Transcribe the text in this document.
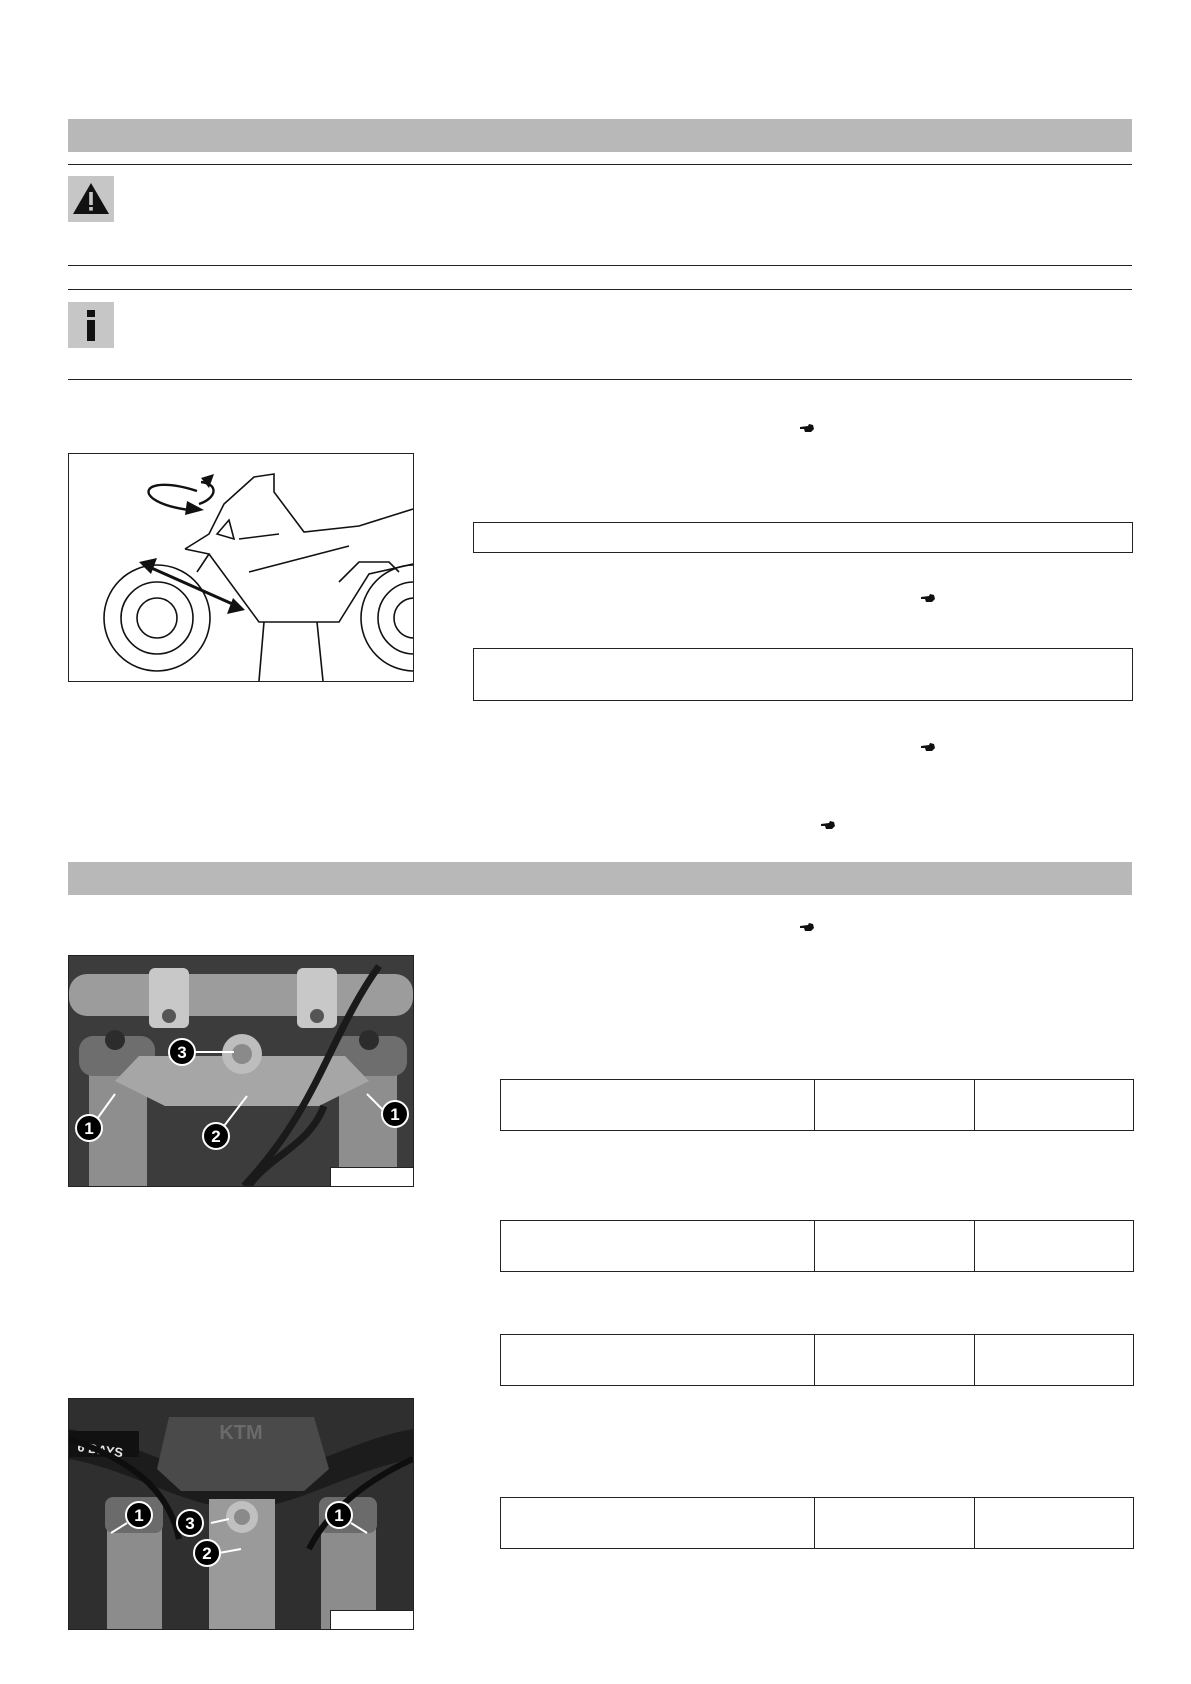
1	2
3
1
6 DAYS
KTM
1
2
3	1
